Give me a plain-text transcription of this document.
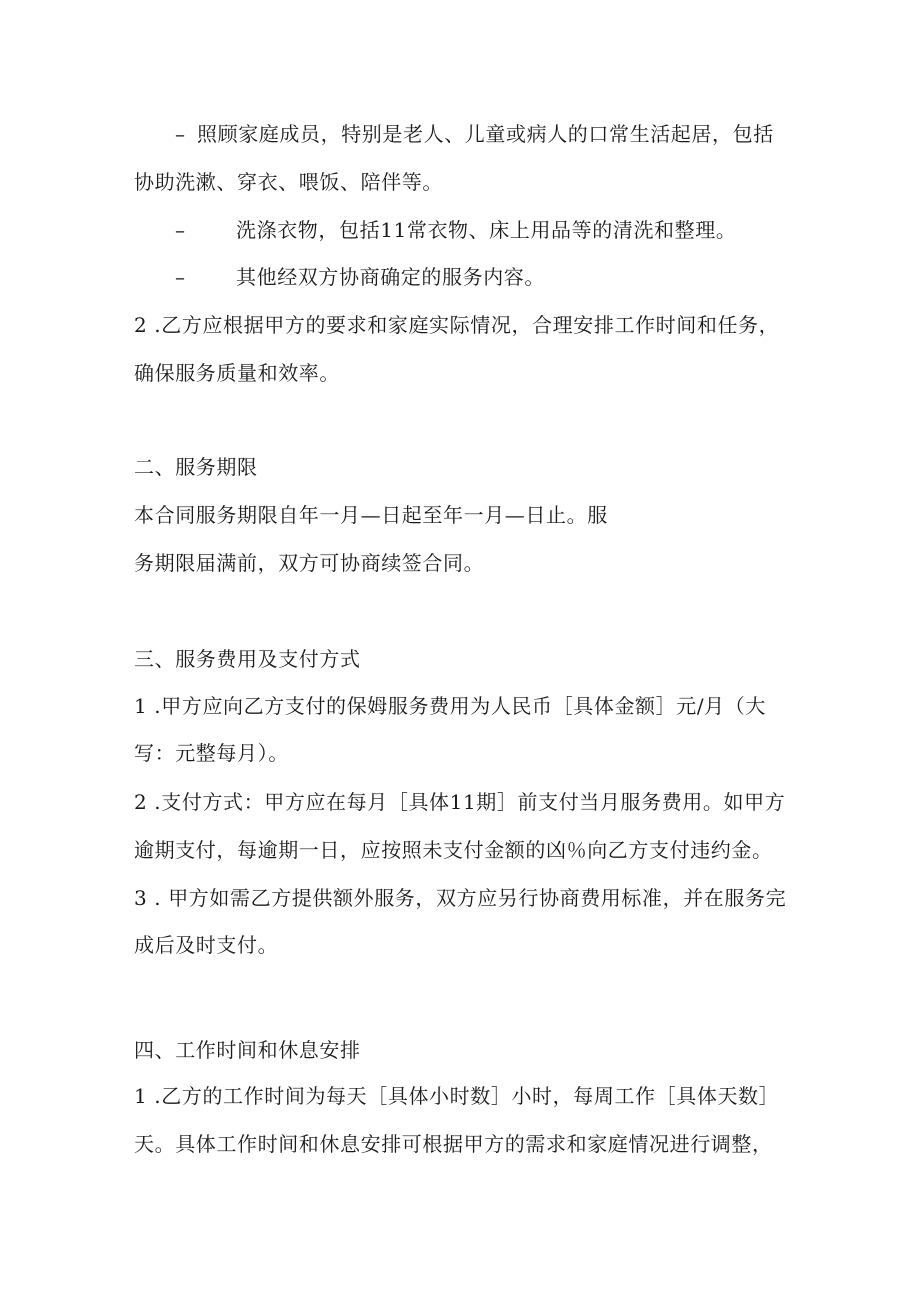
– 照顾家庭成员，特别是老人、儿童或病人的口常生活起居，包括
协助洗漱、穿衣、喂饭、陪伴等。
–	洗涤衣物，包括11常衣物、床上用品等的清洗和整理。
–	其他经双方协商确定的服务内容。
2 .乙方应根据甲方的要求和家庭实际情况，合理安排工作时间和任务，
确保服务质量和效率。
二、服务期限
本合同服务期限自年一月—日起至年一月—日止。服
务期限届满前，双方可协商续签合同。
三、服务费用及支付方式
1 .甲方应向乙方支付的保姆服务费用为人民币［具体金额］元/月（大
写：元整每月）。
2 .支付方式：甲方应在每月［具体11期］前支付当月服务费用。如甲方
逾期支付，每逾期一日，应按照未支付金额的凶％向乙方支付违约金。
3 . 甲方如需乙方提供额外服务，双方应另行协商费用标准，并在服务完
成后及时支付。
四、工作时间和休息安排
1 .乙方的工作时间为每天［具体小时数］小时，每周工作［具体天数］
天。具体工作时间和休息安排可根据甲方的需求和家庭情况进行调整，
